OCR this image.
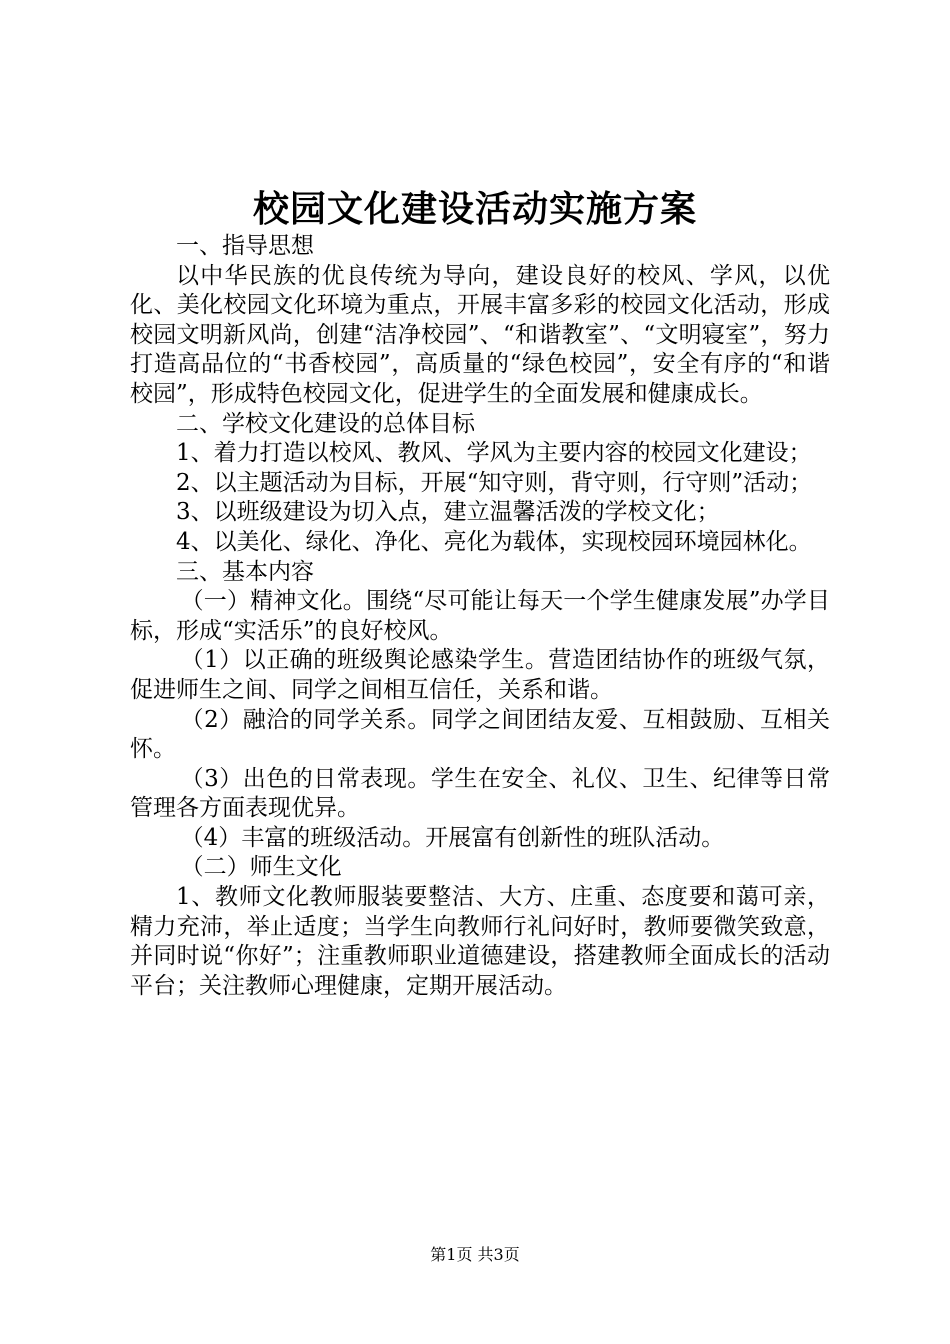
校园文化建设活动实施方案

一、指导思想

以中华民族的优良传统为导向，建设良好的校风、学风，以优化、美化校园文化环境为重点，开展丰富多彩的校园文化活动，形成校园文明新风尚，创建“洁净校园”、“和谐教室”、“文明寝室”，努力打造高品位的“书香校园”，高质量的“绿色校园”，安全有序的“和谐校园”，形成特色校园文化，促进学生的全面发展和健康成长。

二、学校文化建设的总体目标

1、着力打造以校风、教风、学风为主要内容的校园文化建设；

2、以主题活动为目标，开展“知守则，背守则，行守则”活动；

3、以班级建设为切入点，建立温馨活泼的学校文化；

4、以美化、绿化、净化、亮化为载体，实现校园环境园林化。

三、基本内容

（一）精神文化。围绕“尽可能让每天一个学生健康发展”办学目标，形成“实活乐”的良好校风。

（1）以正确的班级舆论感染学生。营造团结协作的班级气氛，促进师生之间、同学之间相互信任，关系和谐。

（2）融洽的同学关系。同学之间团结友爱、互相鼓励、互相关怀。

（3）出色的日常表现。学生在安全、礼仪、卫生、纪律等日常管理各方面表现优异。

（4）丰富的班级活动。开展富有创新性的班队活动。

（二）师生文化

1、教师文化教师服装要整洁、大方、庄重、态度要和蔼可亲，精力充沛，举止适度；当学生向教师行礼问好时，教师要微笑致意，并同时说“你好”；注重教师职业道德建设，搭建教师全面成长的活动平台；关注教师心理健康，定期开展活动。

第1页 共3页
